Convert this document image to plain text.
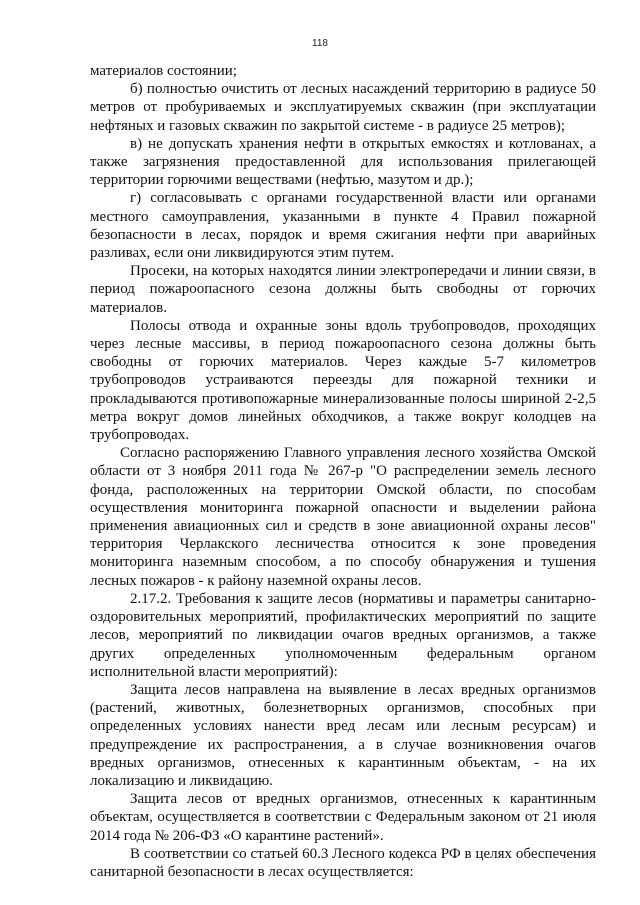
118

материалов состоянии;

б) полностью очистить от лесных насаждений территорию в радиусе 50 метров от пробуриваемых и эксплуатируемых скважин (при эксплуатации нефтяных и газовых скважин по закрытой системе - в радиусе 25 метров);

в) не допускать хранения нефти в открытых емкостях и котлованах, а также загрязнения предоставленной для использования прилегающей территории горючими веществами (нефтью, мазутом и др.);

г) согласовывать с органами государственной власти или органами местного самоуправления, указанными в пункте 4 Правил пожарной безопасности в лесах, порядок и время сжигания нефти при аварийных разливах, если они ликвидируются этим путем.

Просеки, на которых находятся линии электропередачи и линии связи, в период пожароопасного сезона должны быть свободны от горючих материалов.

Полосы отвода и охранные зоны вдоль трубопроводов, проходящих через лесные массивы, в период пожароопасного сезона должны быть свободны от горючих материалов. Через каждые 5-7 километров трубопроводов устраиваются переезды для пожарной техники и прокладываются противопожарные минерализованные полосы шириной 2-2,5 метра вокруг домов линейных обходчиков, а также вокруг колодцев на трубопроводах.

Согласно распоряжению Главного управления лесного хозяйства Омской области от 3 ноября 2011 года № 267-р "О распределении земель лесного фонда, расположенных на территории Омской области, по способам осуществления мониторинга пожарной опасности и выделении района применения авиационных сил и средств в зоне авиационной охраны лесов" территория Черлакского лесничества относится к зоне проведения мониторинга наземным способом, а по способу обнаружения и тушения лесных пожаров - к району наземной охраны лесов.

2.17.2. Требования к защите лесов (нормативы и параметры санитарно-оздоровительных мероприятий, профилактических мероприятий по защите лесов, мероприятий по ликвидации очагов вредных организмов, а также других определенных уполномоченным федеральным органом исполнительной власти мероприятий):

Защита лесов направлена на выявление в лесах вредных организмов (растений, животных, болезнетворных организмов, способных при определенных условиях нанести вред лесам или лесным ресурсам) и предупреждение их распространения, а в случае возникновения очагов вредных организмов, отнесенных к карантинным объектам, - на их локализацию и ликвидацию.

Защита лесов от вредных организмов, отнесенных к карантинным объектам, осуществляется в соответствии с Федеральным законом от 21 июля 2014 года № 206-ФЗ «О карантине растений».

В соответствии со статьей 60.3 Лесного кодекса РФ в целях обеспечения санитарной безопасности в лесах осуществляется:
